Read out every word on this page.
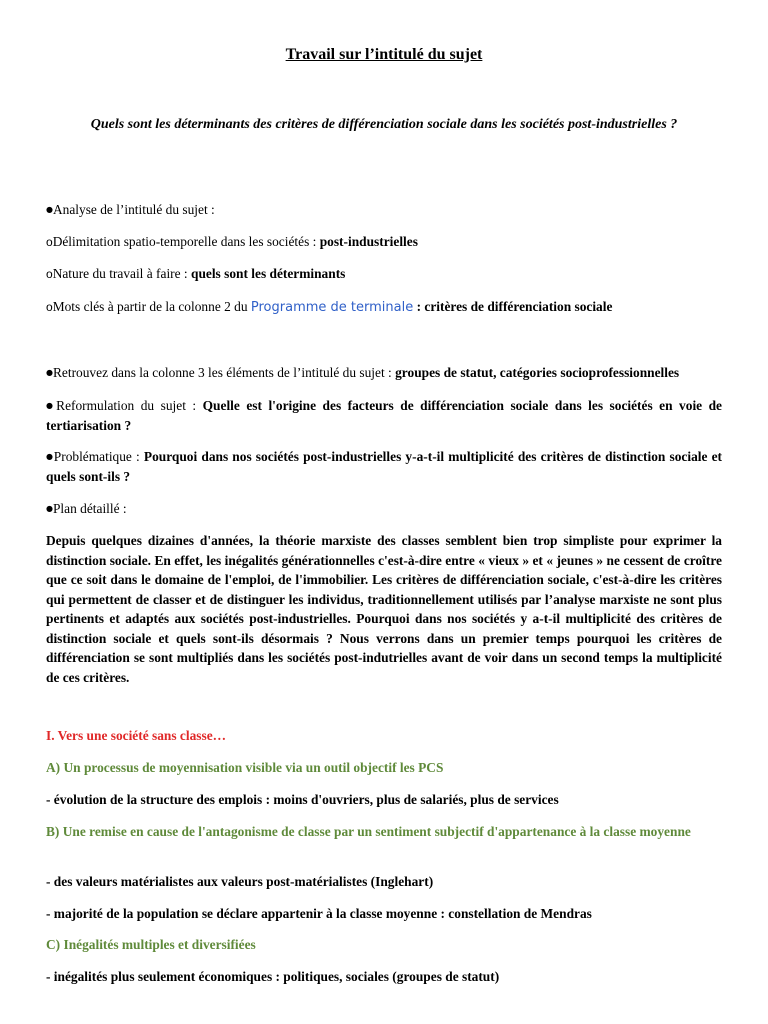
Travail sur l’intitulé du sujet
Quels sont les déterminants des critères de différenciation sociale dans les sociétés post-industrielles ?
●Analyse de l’intitulé du sujet :
oDélimitation spatio-temporelle dans les sociétés : post-industrielles
oNature du travail à faire : quels sont les déterminants
oMots clés à partir de la colonne 2 du Programme de terminale : critères de différenciation sociale
●Retrouvez dans la colonne 3 les éléments de l’intitulé du sujet : groupes de statut, catégories socioprofessionnelles
●Reformulation du sujet : Quelle est l'origine des facteurs de différenciation sociale dans les sociétés en voie de tertiarisation ?
●Problématique : Pourquoi dans nos sociétés post-industrielles y-a-t-il multiplicité des critères de distinction sociale et quels sont-ils ?
●Plan détaillé :
Depuis quelques dizaines d'années, la théorie marxiste des classes semblent bien trop simpliste pour exprimer la distinction sociale. En effet, les inégalités générationnelles c'est-à-dire entre « vieux » et « jeunes » ne cessent de croître que ce soit dans le domaine de l'emploi, de l'immobilier. Les critères de différenciation sociale, c'est-à-dire les critères qui permettent de classer et de distinguer les individus, traditionnellement utilisés par l’analyse marxiste ne sont plus pertinents et adaptés aux sociétés post-industrielles. Pourquoi dans nos sociétés y a-t-il multiplicité des critères de distinction sociale et quels sont-ils désormais ? Nous verrons dans un premier temps pourquoi les critères de différenciation se sont multipliés dans les sociétés post-indutrielles avant de voir dans un second temps la multiplicité de ces critères.
I. Vers une société sans classe…
A) Un processus de moyennisation visible via un outil objectif les PCS
- évolution de la structure des emplois : moins d'ouvriers, plus de salariés, plus de services
B) Une remise en cause de l'antagonisme de classe par un sentiment subjectif d'appartenance à la classe moyenne
- des valeurs matérialistes aux valeurs post-matérialistes (Inglehart)
- majorité de la population se déclare appartenir à la classe moyenne : constellation de Mendras
C) Inégalités multiples et diversifiées
- inégalités plus seulement économiques : politiques, sociales (groupes de statut)
